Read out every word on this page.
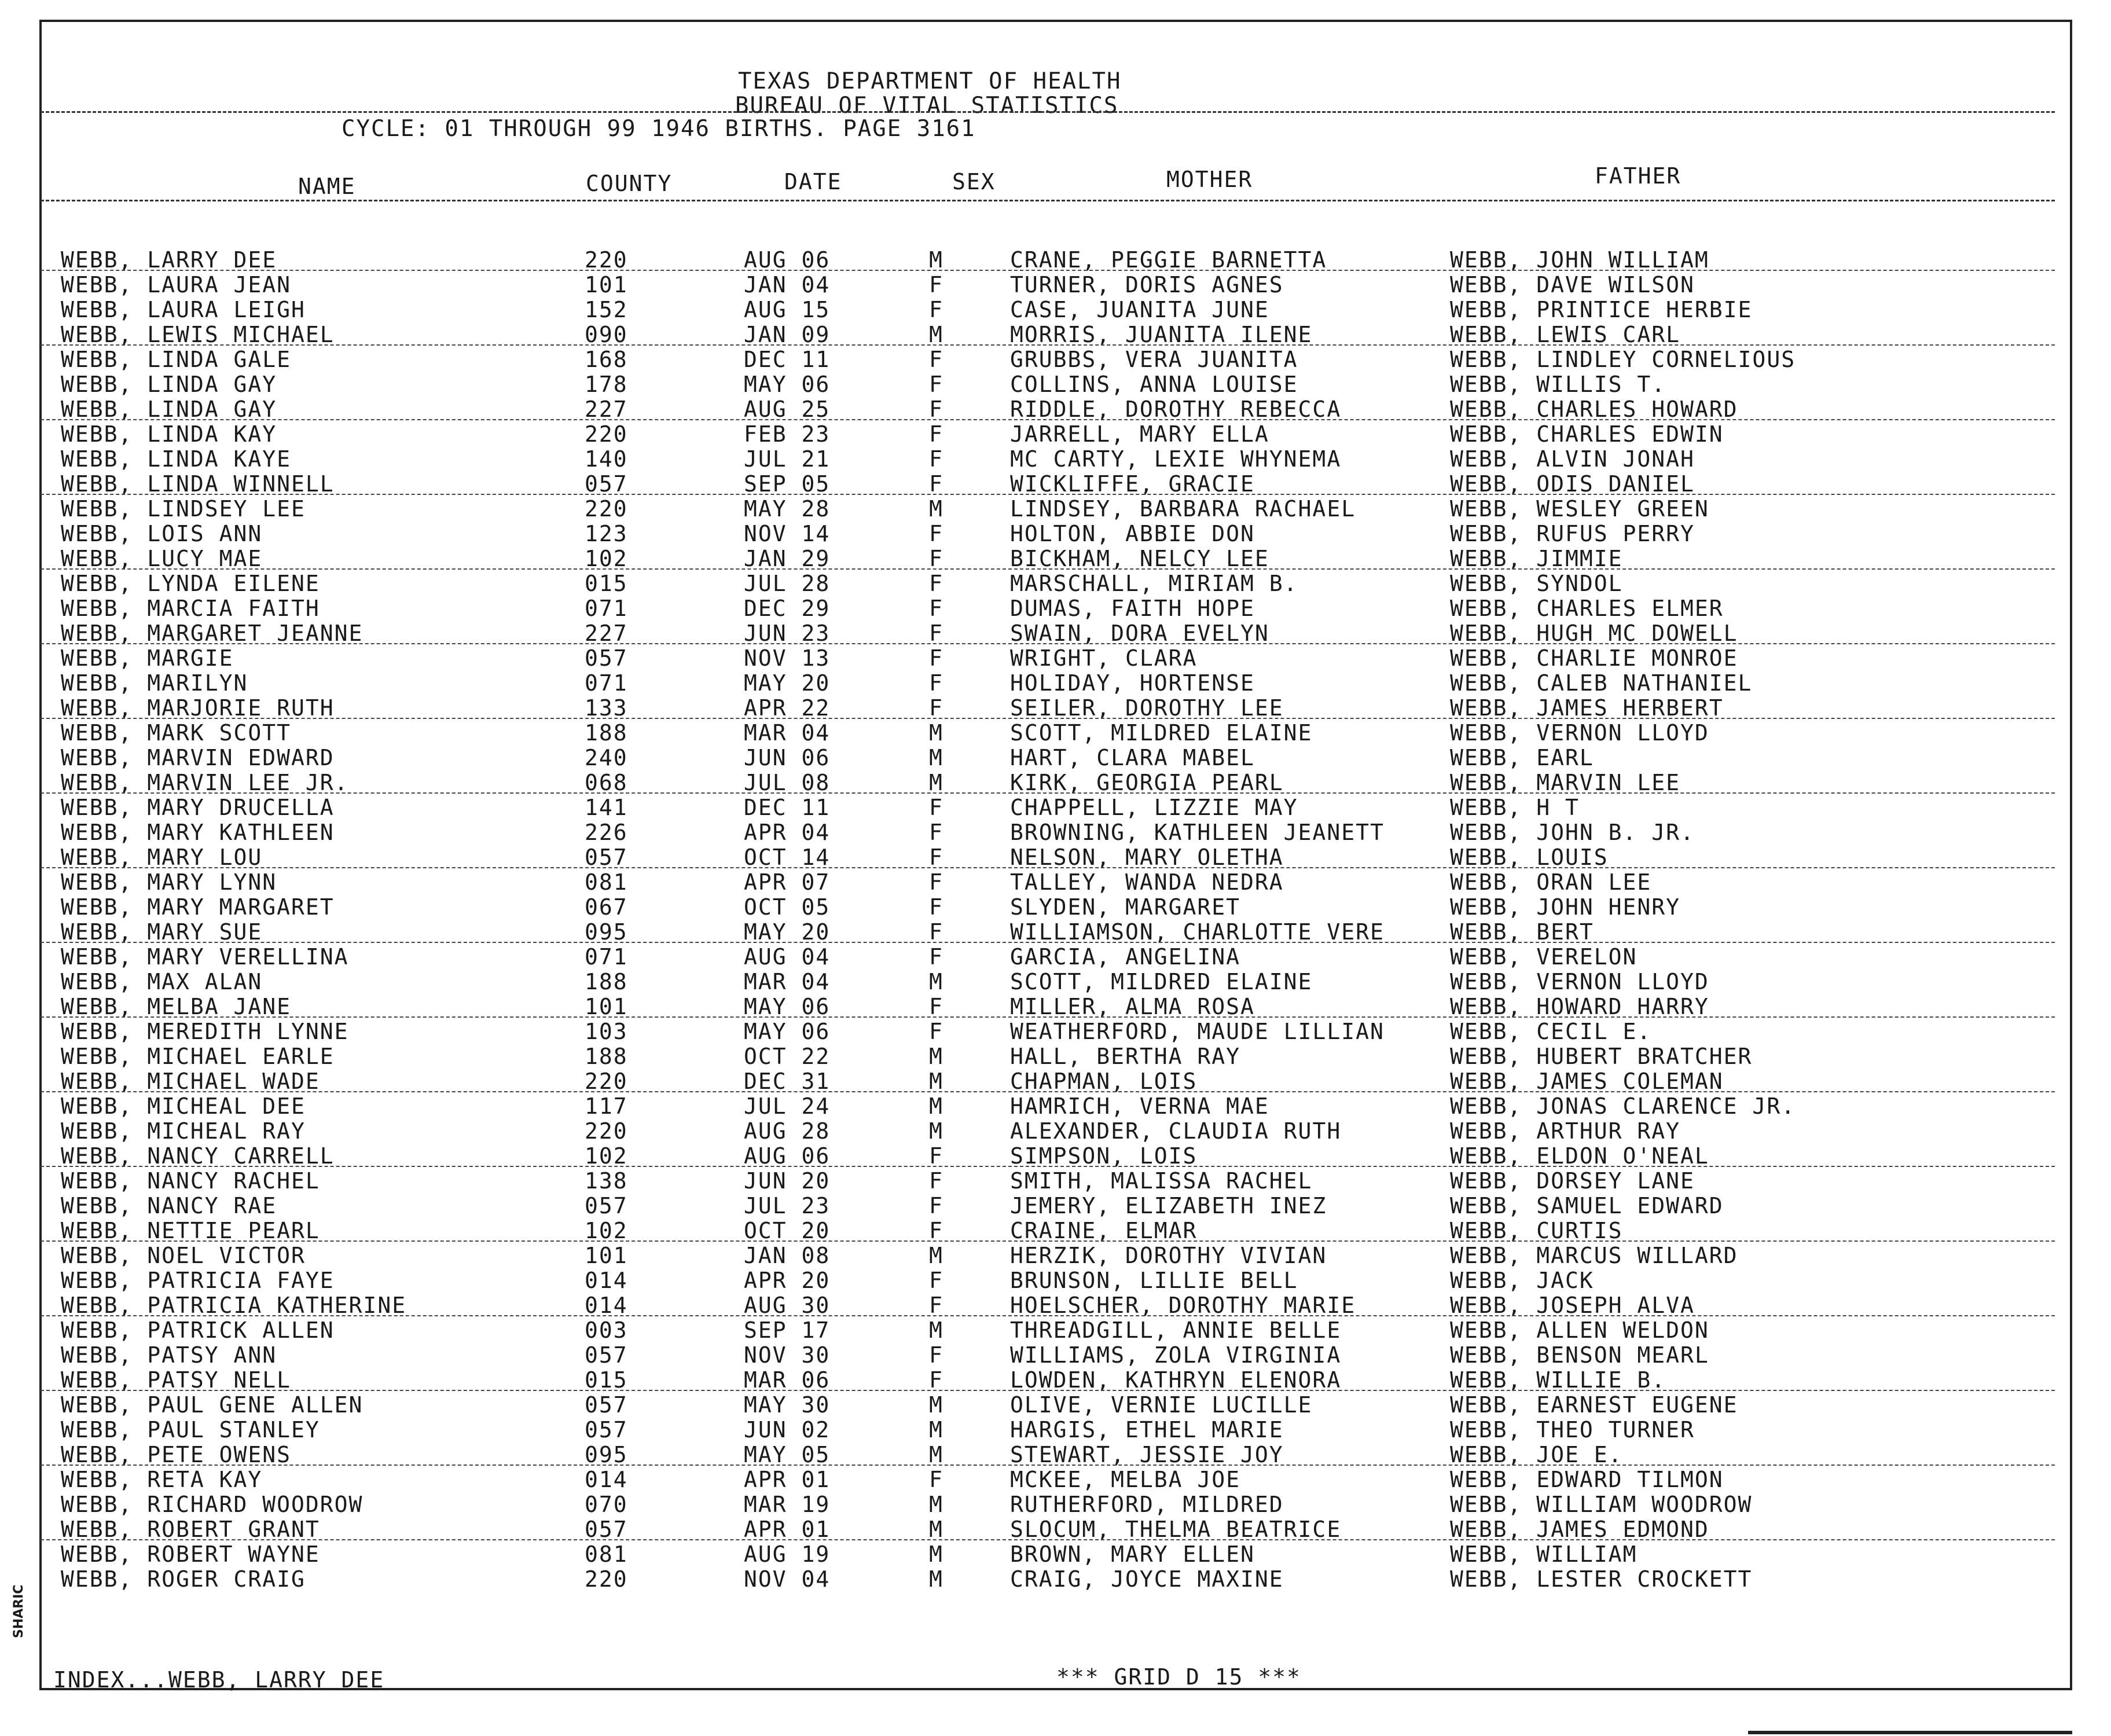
TEXAS DEPARTMENT OF HEALTH
BUREAU OF VITAL STATISTICS
CYCLE: 01 THROUGH 99 1946 BIRTHS. PAGE 3161
NAME	COUNTY	DATE	SEX	MOTHER	FATHER
WEBB, LARRY DEE	220	AUG 06	M	CRANE, PEGGIE BARNETTA	WEBB, JOHN WILLIAM
WEBB, LAURA JEAN	101	JAN 04	F	TURNER, DORIS AGNES	WEBB, DAVE WILSON
WEBB, LAURA LEIGH	152	AUG 15	F	CASE, JUANITA JUNE	WEBB, PRINTICE HERBIE
WEBB, LEWIS MICHAEL	090	JAN 09	M	MORRIS, JUANITA ILENE	WEBB, LEWIS CARL
WEBB, LINDA GALE	168	DEC 11	F	GRUBBS, VERA JUANITA	WEBB, LINDLEY CORNELIOUS
WEBB, LINDA GAY	178	MAY 06	F	COLLINS, ANNA LOUISE	WEBB, WILLIS T.
WEBB, LINDA GAY	227	AUG 25	F	RIDDLE, DOROTHY REBECCA	WEBB, CHARLES HOWARD
WEBB, LINDA KAY	220	FEB 23	F	JARRELL, MARY ELLA	WEBB, CHARLES EDWIN
WEBB, LINDA KAYE	140	JUL 21	F	MC CARTY, LEXIE WHYNEMA	WEBB, ALVIN JONAH
WEBB, LINDA WINNELL	057	SEP 05	F	WICKLIFFE, GRACIE	WEBB, ODIS DANIEL
WEBB, LINDSEY LEE	220	MAY 28	M	LINDSEY, BARBARA RACHAEL	WEBB, WESLEY GREEN
WEBB, LOIS ANN	123	NOV 14	F	HOLTON, ABBIE DON	WEBB, RUFUS PERRY
WEBB, LUCY MAE	102	JAN 29	F	BICKHAM, NELCY LEE	WEBB, JIMMIE
WEBB, LYNDA EILENE	015	JUL 28	F	MARSCHALL, MIRIAM B.	WEBB, SYNDOL
WEBB, MARCIA FAITH	071	DEC 29	F	DUMAS, FAITH HOPE	WEBB, CHARLES ELMER
WEBB, MARGARET JEANNE	227	JUN 23	F	SWAIN, DORA EVELYN	WEBB, HUGH MC DOWELL
WEBB, MARGIE	057	NOV 13	F	WRIGHT, CLARA	WEBB, CHARLIE MONROE
WEBB, MARILYN	071	MAY 20	F	HOLIDAY, HORTENSE	WEBB, CALEB NATHANIEL
WEBB, MARJORIE RUTH	133	APR 22	F	SEILER, DOROTHY LEE	WEBB, JAMES HERBERT
WEBB, MARK SCOTT	188	MAR 04	M	SCOTT, MILDRED ELAINE	WEBB, VERNON LLOYD
WEBB, MARVIN EDWARD	240	JUN 06	M	HART, CLARA MABEL	WEBB, EARL
WEBB, MARVIN LEE JR.	068	JUL 08	M	KIRK, GEORGIA PEARL	WEBB, MARVIN LEE
WEBB, MARY DRUCELLA	141	DEC 11	F	CHAPPELL, LIZZIE MAY	WEBB, H T
WEBB, MARY KATHLEEN	226	APR 04	F	BROWNING, KATHLEEN JEANETT	WEBB, JOHN B. JR.
WEBB, MARY LOU	057	OCT 14	F	NELSON, MARY OLETHA	WEBB, LOUIS
WEBB, MARY LYNN	081	APR 07	F	TALLEY, WANDA NEDRA	WEBB, ORAN LEE
WEBB, MARY MARGARET	067	OCT 05	F	SLYDEN, MARGARET	WEBB, JOHN HENRY
WEBB, MARY SUE	095	MAY 20	F	WILLIAMSON, CHARLOTTE VERE	WEBB, BERT
WEBB, MARY VERELLINA	071	AUG 04	F	GARCIA, ANGELINA	WEBB, VERELON
WEBB, MAX ALAN	188	MAR 04	M	SCOTT, MILDRED ELAINE	WEBB, VERNON LLOYD
WEBB, MELBA JANE	101	MAY 06	F	MILLER, ALMA ROSA	WEBB, HOWARD HARRY
WEBB, MEREDITH LYNNE	103	MAY 06	F	WEATHERFORD, MAUDE LILLIAN	WEBB, CECIL E.
WEBB, MICHAEL EARLE	188	OCT 22	M	HALL, BERTHA RAY	WEBB, HUBERT BRATCHER
WEBB, MICHAEL WADE	220	DEC 31	M	CHAPMAN, LOIS	WEBB, JAMES COLEMAN
WEBB, MICHEAL DEE	117	JUL 24	M	HAMRICH, VERNA MAE	WEBB, JONAS CLARENCE JR.
WEBB, MICHEAL RAY	220	AUG 28	M	ALEXANDER, CLAUDIA RUTH	WEBB, ARTHUR RAY
WEBB, NANCY CARRELL	102	AUG 06	F	SIMPSON, LOIS	WEBB, ELDON O'NEAL
WEBB, NANCY RACHEL	138	JUN 20	F	SMITH, MALISSA RACHEL	WEBB, DORSEY LANE
WEBB, NANCY RAE	057	JUL 23	F	JEMERY, ELIZABETH INEZ	WEBB, SAMUEL EDWARD
WEBB, NETTIE PEARL	102	OCT 20	F	CRAINE, ELMAR	WEBB, CURTIS
WEBB, NOEL VICTOR	101	JAN 08	M	HERZIK, DOROTHY VIVIAN	WEBB, MARCUS WILLARD
WEBB, PATRICIA FAYE	014	APR 20	F	BRUNSON, LILLIE BELL	WEBB, JACK
WEBB, PATRICIA KATHERINE	014	AUG 30	F	HOELSCHER, DOROTHY MARIE	WEBB, JOSEPH ALVA
WEBB, PATRICK ALLEN	003	SEP 17	M	THREADGILL, ANNIE BELLE	WEBB, ALLEN WELDON
WEBB, PATSY ANN	057	NOV 30	F	WILLIAMS, ZOLA VIRGINIA	WEBB, BENSON MEARL
WEBB, PATSY NELL	015	MAR 06	F	LOWDEN, KATHRYN ELENORA	WEBB, WILLIE B.
WEBB, PAUL GENE ALLEN	057	MAY 30	M	OLIVE, VERNIE LUCILLE	WEBB, EARNEST EUGENE
WEBB, PAUL STANLEY	057	JUN 02	M	HARGIS, ETHEL MARIE	WEBB, THEO TURNER
WEBB, PETE OWENS	095	MAY 05	M	STEWART, JESSIE JOY	WEBB, JOE E.
WEBB, RETA KAY	014	APR 01	F	MCKEE, MELBA JOE	WEBB, EDWARD TILMON
WEBB, RICHARD WOODROW	070	MAR 19	M	RUTHERFORD, MILDRED	WEBB, WILLIAM WOODROW
WEBB, ROBERT GRANT	057	APR 01	M	SLOCUM, THELMA BEATRICE	WEBB, JAMES EDMOND
WEBB, ROBERT WAYNE	081	AUG 19	M	BROWN, MARY ELLEN	WEBB, WILLIAM
WEBB, ROGER CRAIG	220	NOV 04	M	CRAIG, JOYCE MAXINE	WEBB, LESTER CROCKETT
INDEX...WEBB, LARRY DEE	*** GRID D 15 ***
SHARIC
